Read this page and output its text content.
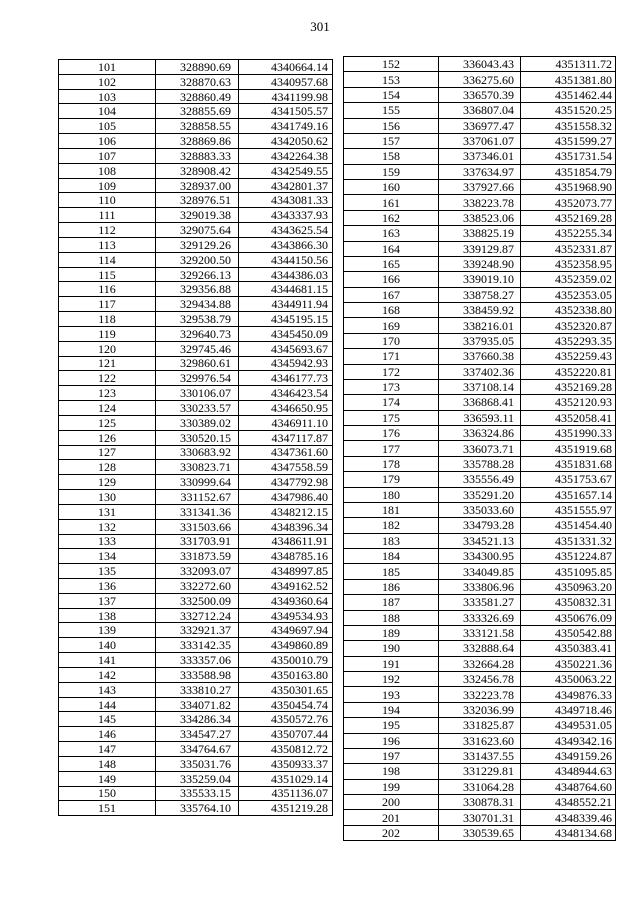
301
101	328890.69	4340664.14
102	328870.63	4340957.68
103	328860.49	4341199.98
104	328855.69	4341505.57
105	328858.55	4341749.16
106	328869.86	4342050.62
107	328883.33	4342264.38
108	328908.42	4342549.55
109	328937.00	4342801.37
110	328976.51	4343081.33
111	329019.38	4343337.93
112	329075.64	4343625.54
113	329129.26	4343866.30
114	329200.50	4344150.56
115	329266.13	4344386.03
116	329356.88	4344681.15
117	329434.88	4344911.94
118	329538.79	4345195.15
119	329640.73	4345450.09
120	329745.46	4345693.67
121	329860.61	4345942.93
122	329976.54	4346177.73
123	330106.07	4346423.54
124	330233.57	4346650.95
125	330389.02	4346911.10
126	330520.15	4347117.87
127	330683.92	4347361.60
128	330823.71	4347558.59
129	330999.64	4347792.98
130	331152.67	4347986.40
131	331341.36	4348212.15
132	331503.66	4348396.34
133	331703.91	4348611.91
134	331873.59	4348785.16
135	332093.07	4348997.85
136	332272.60	4349162.52
137	332500.09	4349360.64
138	332712.24	4349534.93
139	332921.37	4349697.94
140	333142.35	4349860.89
141	333357.06	4350010.79
142	333588.98	4350163.80
143	333810.27	4350301.65
144	334071.82	4350454.74
145	334286.34	4350572.76
146	334547.27	4350707.44
147	334764.67	4350812.72
148	335031.76	4350933.37
149	335259.04	4351029.14
150	335533.15	4351136.07
151	335764.10	4351219.28
152	336043.43	4351311.72
153	336275.60	4351381.80
154	336570.39	4351462.44
155	336807.04	4351520.25
156	336977.47	4351558.32
157	337061.07	4351599.27
158	337346.01	4351731.54
159	337634.97	4351854.79
160	337927.66	4351968.90
161	338223.78	4352073.77
162	338523.06	4352169.28
163	338825.19	4352255.34
164	339129.87	4352331.87
165	339248.90	4352358.95
166	339019.10	4352359.02
167	338758.27	4352353.05
168	338459.92	4352338.80
169	338216.01	4352320.87
170	337935.05	4352293.35
171	337660.38	4352259.43
172	337402.36	4352220.81
173	337108.14	4352169.28
174	336868.41	4352120.93
175	336593.11	4352058.41
176	336324.86	4351990.33
177	336073.71	4351919.68
178	335788.28	4351831.68
179	335556.49	4351753.67
180	335291.20	4351657.14
181	335033.60	4351555.97
182	334793.28	4351454.40
183	334521.13	4351331.32
184	334300.95	4351224.87
185	334049.85	4351095.85
186	333806.96	4350963.20
187	333581.27	4350832.31
188	333326.69	4350676.09
189	333121.58	4350542.88
190	332888.64	4350383.41
191	332664.28	4350221.36
192	332456.78	4350063.22
193	332223.78	4349876.33
194	332036.99	4349718.46
195	331825.87	4349531.05
196	331623.60	4349342.16
197	331437.55	4349159.26
198	331229.81	4348944.63
199	331064.28	4348764.60
200	330878.31	4348552.21
201	330701.31	4348339.46
202	330539.65	4348134.68
